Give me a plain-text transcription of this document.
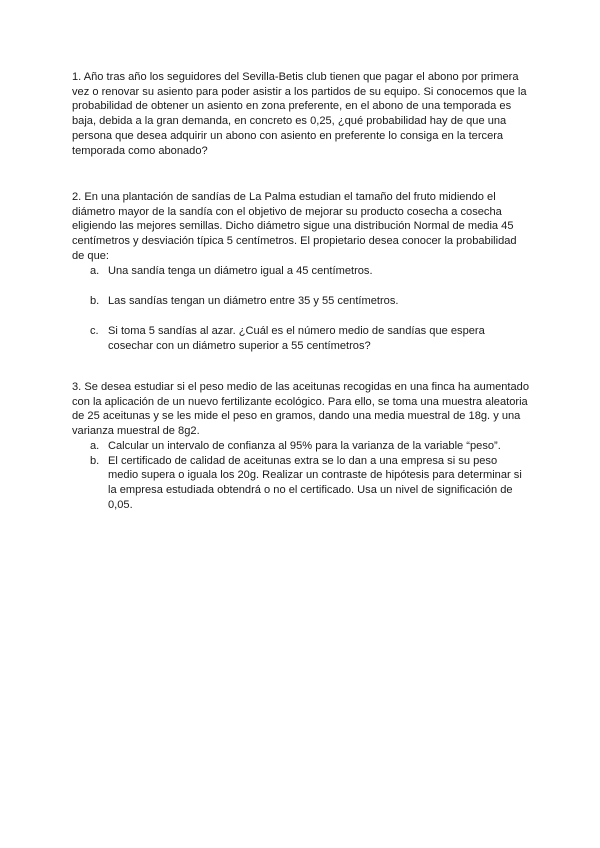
1. Año tras año los seguidores del Sevilla-Betis club tienen que pagar el abono por primera vez o renovar su asiento para poder asistir a los partidos de su equipo. Si conocemos que la probabilidad de obtener un asiento en zona preferente, en el abono de una temporada es baja, debida a la gran demanda, en concreto es 0,25, ¿qué probabilidad hay de que una persona que desea adquirir un abono con asiento en preferente lo consiga en la tercera temporada como abonado?

2. En una plantación de sandías de La Palma estudian el tamaño del fruto midiendo el diámetro mayor de la sandía con el objetivo de mejorar su producto cosecha a cosecha eligiendo las mejores semillas. Dicho diámetro sigue una distribución Normal de media 45 centímetros y desviación típica 5 centímetros. El propietario desea conocer la probabilidad de que:

a. Una sandía tenga un diámetro igual a 45 centímetros.
b. Las sandías tengan un diámetro entre 35 y 55 centímetros.
c. Si toma 5 sandías al azar. ¿Cuál es el número medio de sandías que espera cosechar con un diámetro superior a 55 centímetros?

3. Se desea estudiar si el peso medio de las aceitunas recogidas en una finca ha aumentado con la aplicación de un nuevo fertilizante ecológico. Para ello, se toma una muestra aleatoria de 25 aceitunas y se les mide el peso en gramos, dando una media muestral de 18g. y una varianza muestral de 8g2.

a. Calcular un intervalo de confianza al 95% para la varianza de la variable “peso”.
b. El certificado de calidad de aceitunas extra se lo dan a una empresa si su peso medio supera o iguala los 20g. Realizar un contraste de hipótesis para determinar si la empresa estudiada obtendrá o no el certificado. Usa un nivel de significación de 0,05.
